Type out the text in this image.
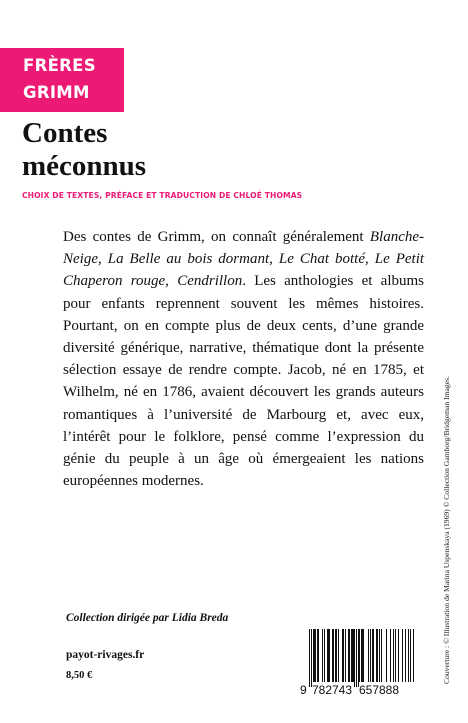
FRÈRES
GRIMM
Contes
méconnus
CHOIX DE TEXTES, PRÉFACE ET TRADUCTION DE CHLOÉ THOMAS

Des contes de Grimm, on connaît généralement Blanche-Neige, La Belle au bois dormant, Le Chat botté, Le Petit Chaperon rouge, Cendrillon. Les anthologies et albums pour enfants reprennent souvent les mêmes histoires. Pourtant, on en compte plus de deux cents, d’une grande diversité générique, narrative, thématique dont la présente sélection essaye de rendre compte. Jacob, né en 1785, et Wilhelm, né en 1786, avaient découvert les grands auteurs romantiques à l’université de Marbourg et, avec eux, l’intérêt pour le folklore, pensé comme l’expression du génie du peuple à un âge où émergeaient les nations européennes modernes.	Couverture : © Illustration de Marina Uspenskaya (1969) © Collection Gamborg/Bridgeman Images.
Collection dirigée par Lidia Breda
payot-rivages.fr
8,50 €
9 782743 657888
